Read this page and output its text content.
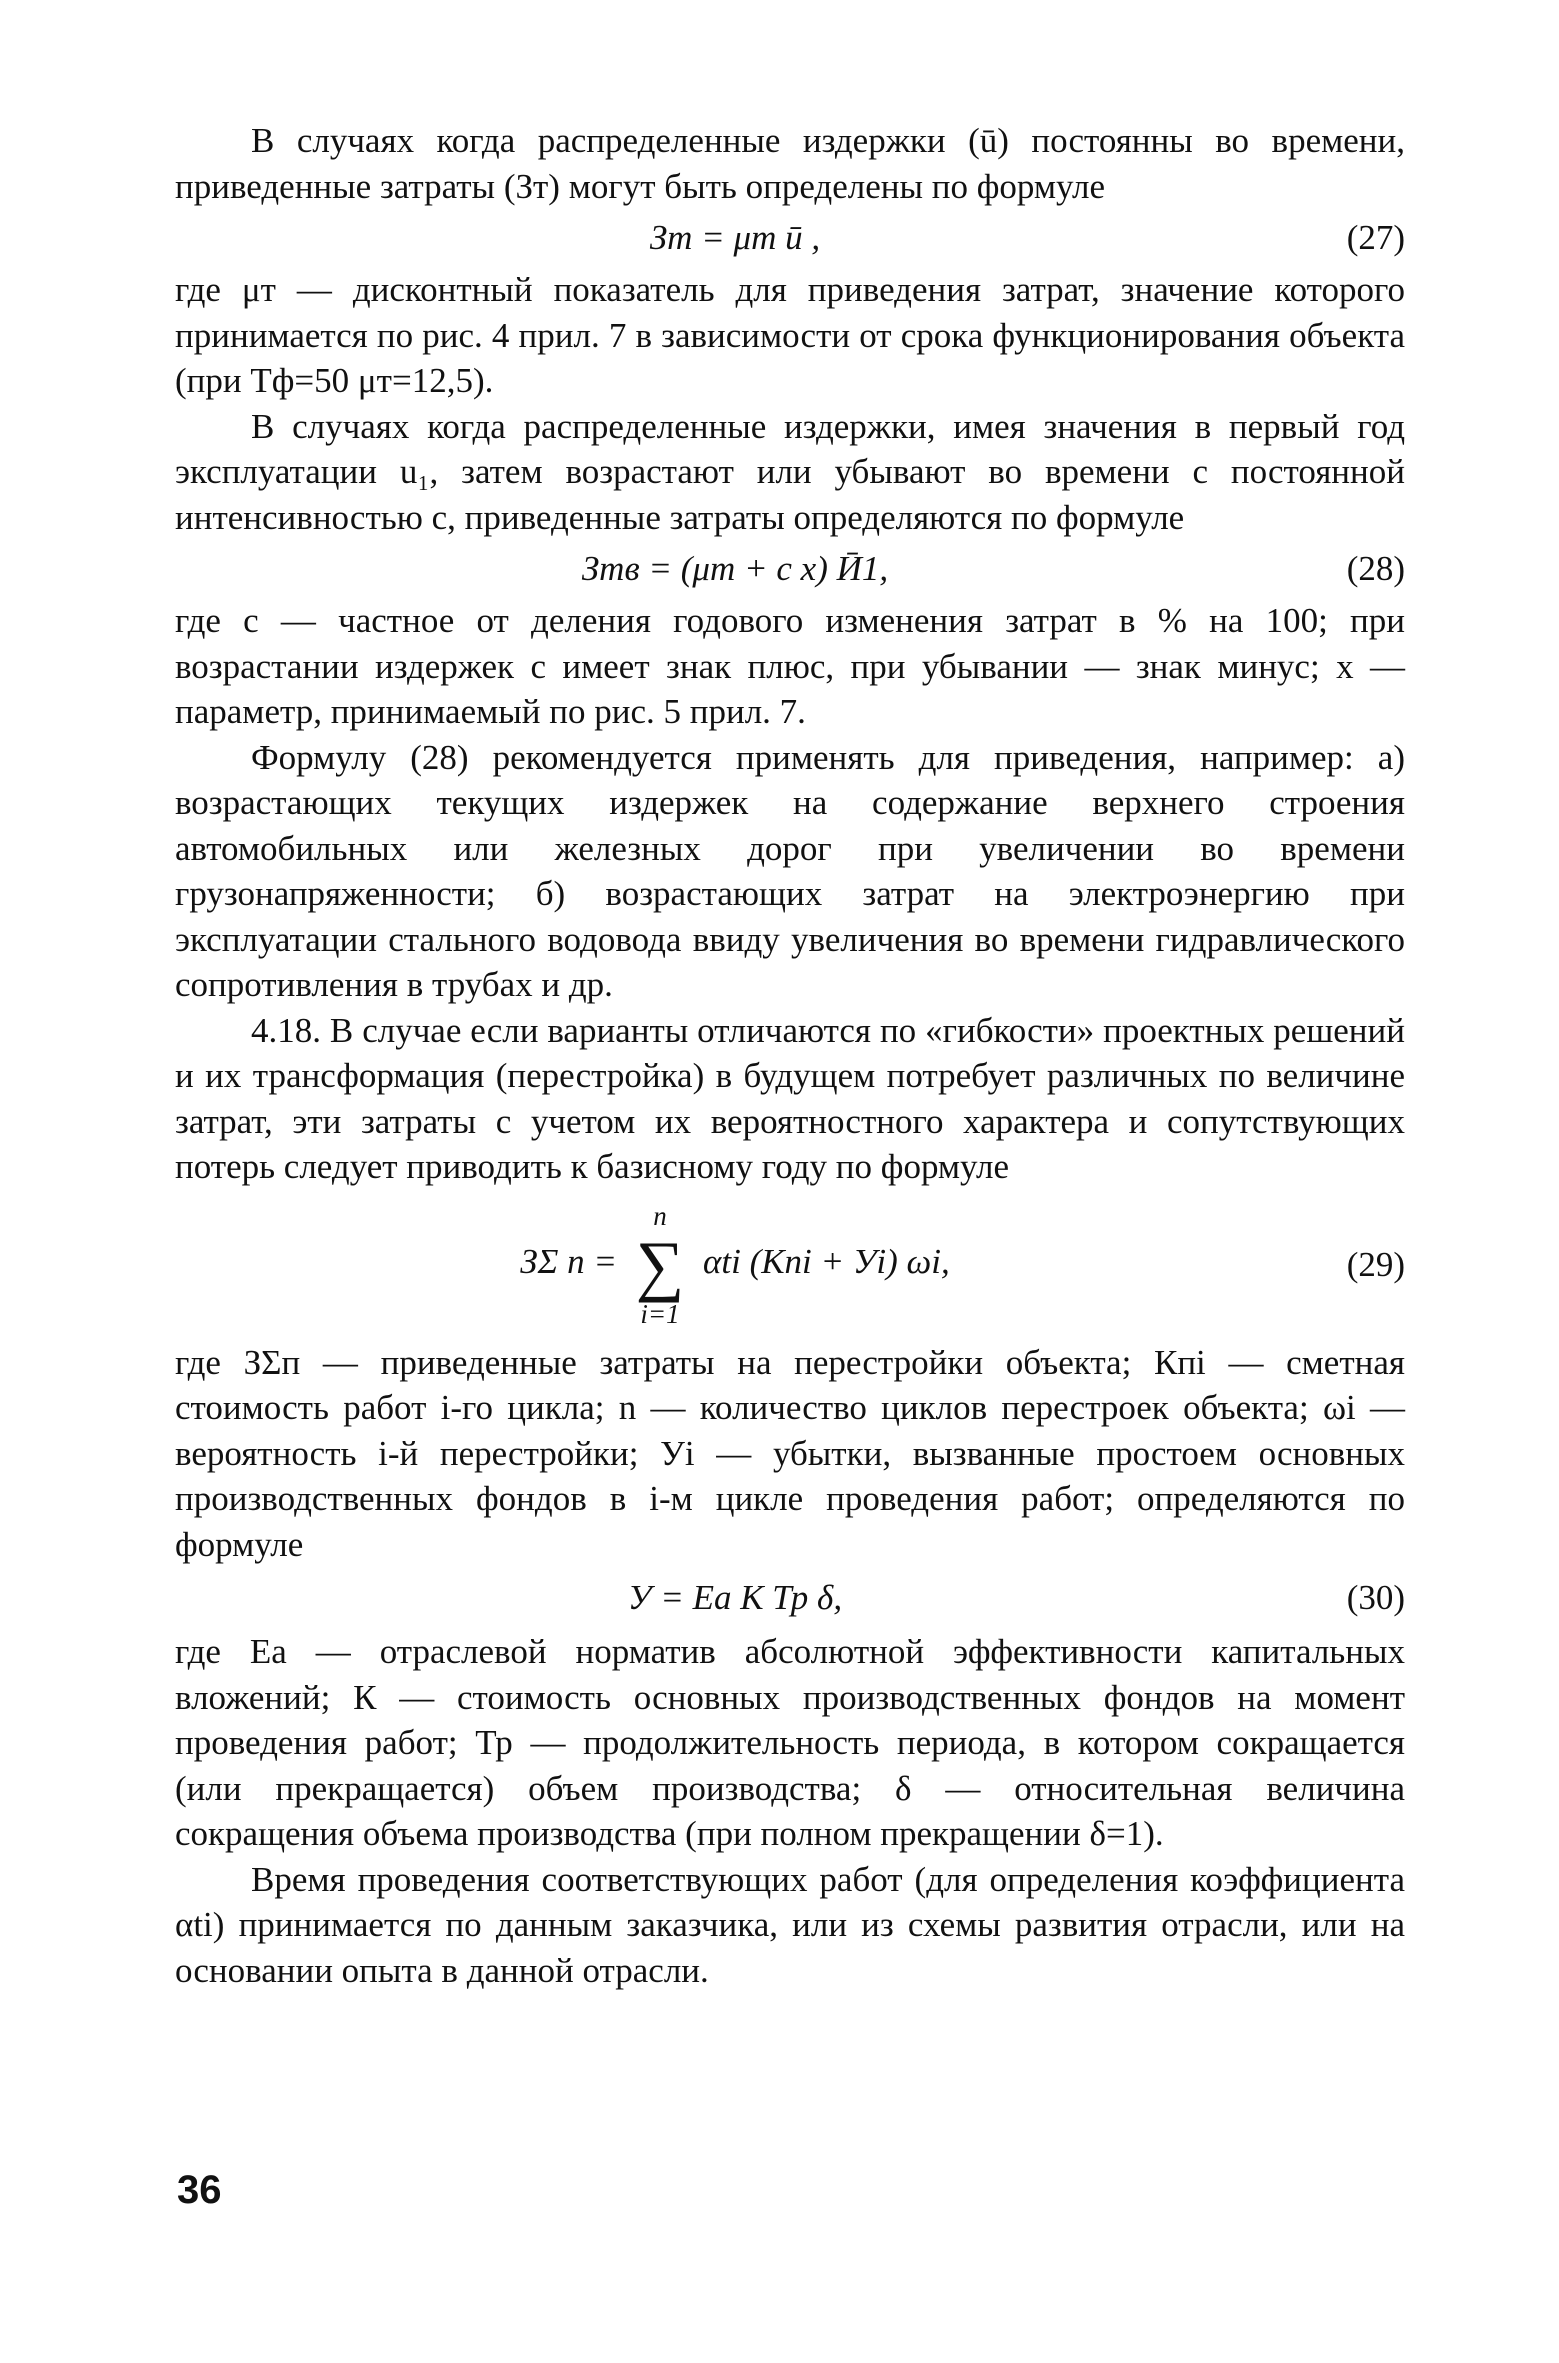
В случаях когда распределенные издержки (ū) постоянны во времени, приведенные затраты (Зт) могут быть определены по формуле

Зт = μт ū ,	(27)

где μт — дисконтный показатель для приведения затрат, значение которого принимается по рис. 4 прил. 7 в зависимости от срока функционирования объекта (при Тф=50 μт=12,5).

В случаях когда распределенные издержки, имея значения в первый год эксплуатации u₁, затем возрастают или убывают во времени с постоянной интенсивностью c, приведенные затраты определяются по формуле

Зтв = (μт + c x) Ӣ1,	(28)

где c — частное от деления годового изменения затрат в % на 100; при возрастании издержек c имеет знак плюс, при убывании — знак минус; x — параметр, принимаемый по рис. 5 прил. 7.

Формулу (28) рекомендуется применять для приведения, например: а) возрастающих текущих издержек на содержание верхнего строения автомобильных или железных дорог при увеличении во времени грузонапряженности; б) возрастающих затрат на электроэнергию при эксплуатации стального водовода ввиду увеличения во времени гидравлического сопротивления в трубах и др.

4.18. В случае если варианты отличаются по «гибкости» проектных решений и их трансформация (перестройка) в будущем потребует различных по величине затрат, эти затраты с учетом их вероятностного характера и сопутствующих потерь следует приводить к базисному году по формуле

ЗΣ n =
n
∑
i=1
αti (Кпi + Уi) ωi,	(29)

где ЗΣп — приведенные затраты на перестройки объекта; Кпi — сметная стоимость работ i-го цикла; n — количество циклов перестроек объекта; ωi — вероятность i-й перестройки; Уi — убытки, вызванные простоем основных производственных фондов в i-м цикле проведения работ; определяются по формуле

У = Еа К Тр δ,	(30)

где Еа — отраслевой норматив абсолютной эффективности капитальных вложений; К — стоимость основных производственных фондов на момент проведения работ; Тр — продолжительность периода, в котором сокращается (или прекращается) объем производства; δ — относительная величина сокращения объема производства (при полном прекращении δ=1).

Время проведения соответствующих работ (для определения коэффициента αti) принимается по данным заказчика, или из схемы развития отрасли, или на основании опыта в данной отрасли.

36
